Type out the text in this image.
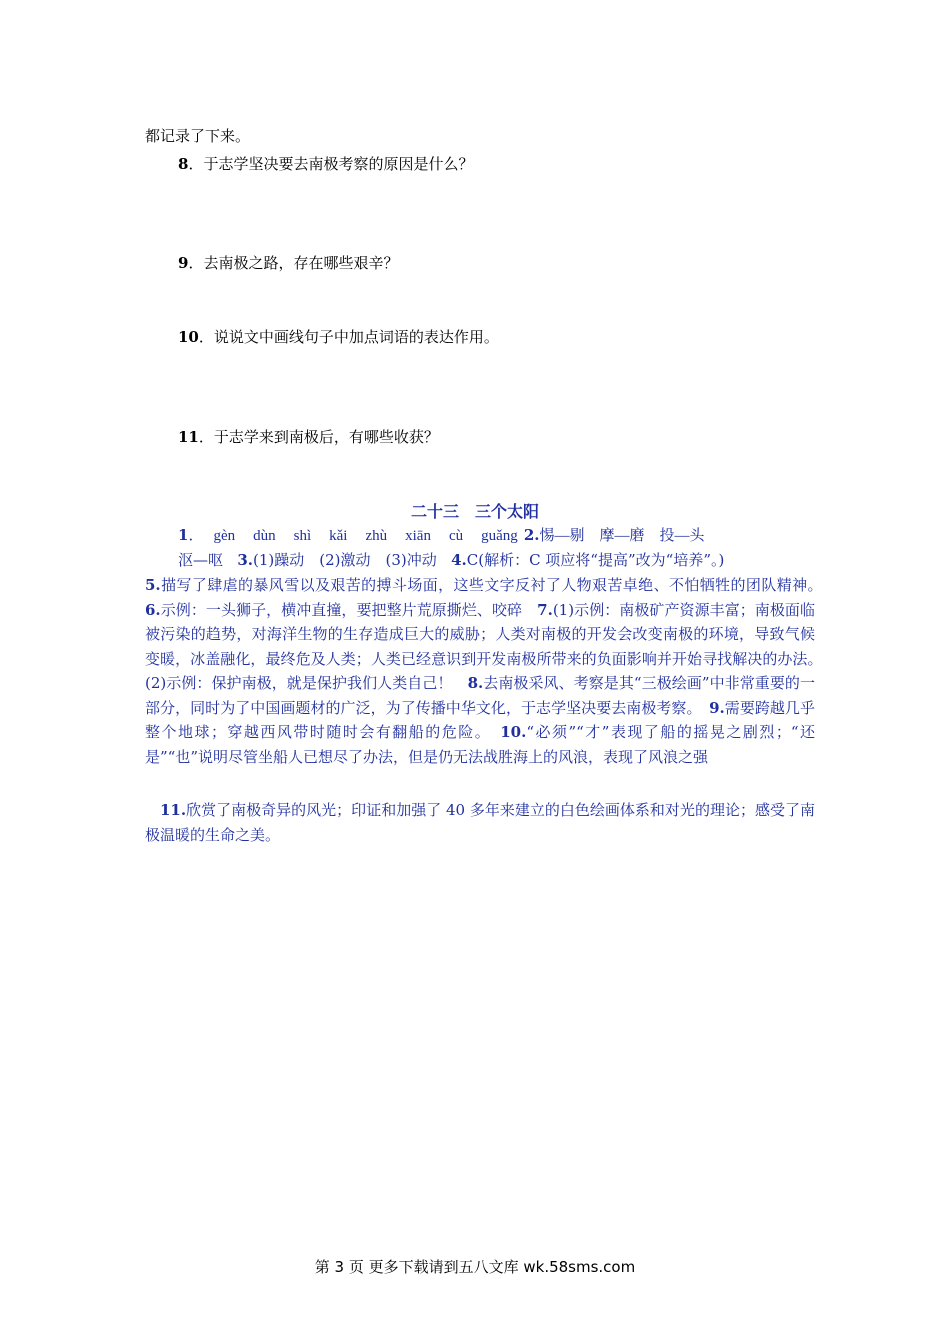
都记录了下来。
8．于志学坚决要去南极考察的原因是什么？
9．去南极之路，存在哪些艰辛？
10．说说文中画线句子中加点词语的表达作用。
11．于志学来到南极后，有哪些收获？
二十三　三个太阳
1． gèn dùn shì kǎi zhù xiān cù guǎng 2.惕—剔　摩—磨　投—头
沤—呕 3.(1)躁动　(2)激动　(3)冲动 4.C(解析：C 项应将“提高”改为“培养”。)
5.描写了肆虐的暴风雪以及艰苦的搏斗场面，这些文字反衬了人物艰苦卓绝、不怕牺牲的团队精神。　6.示例：一头狮子，横冲直撞，要把整片荒原撕烂、咬碎　 7.(1)示例：南极矿产资源丰富；南极面临被污染的趋势，对海洋生物的生存造成巨大的威胁；人类对南极的开发会改变南极的环境，导致气候变暖，冰盖融化，最终危及人类；人类已经意识到开发南极所带来的负面影响并开始寻找解决的办法。　(2)示例：保护南极，就是保护我们人类自己！　 8.去南极采风、考察是其“三极绘画”中非常重要的一部分，同时为了中国画题材的广泛，为了传播中华文化，于志学坚决要去南极考察。　 9.需要跨越几乎整个地球；穿越西风带时随时会有翻船的危险。　 10.“必须”“才”表现了船的摇晃之剧烈；“还是”“也”说明尽管坐船人已想尽了办法，但是仍无法战胜海上的风浪，表现了风浪之强
11.欣赏了南极奇异的风光；印证和加强了 40 多年来建立的白色绘画体系和对光的理论；感受了南极温暖的生命之美。
第 3 页 更多下载请到五八文库 wk.58sms.com
